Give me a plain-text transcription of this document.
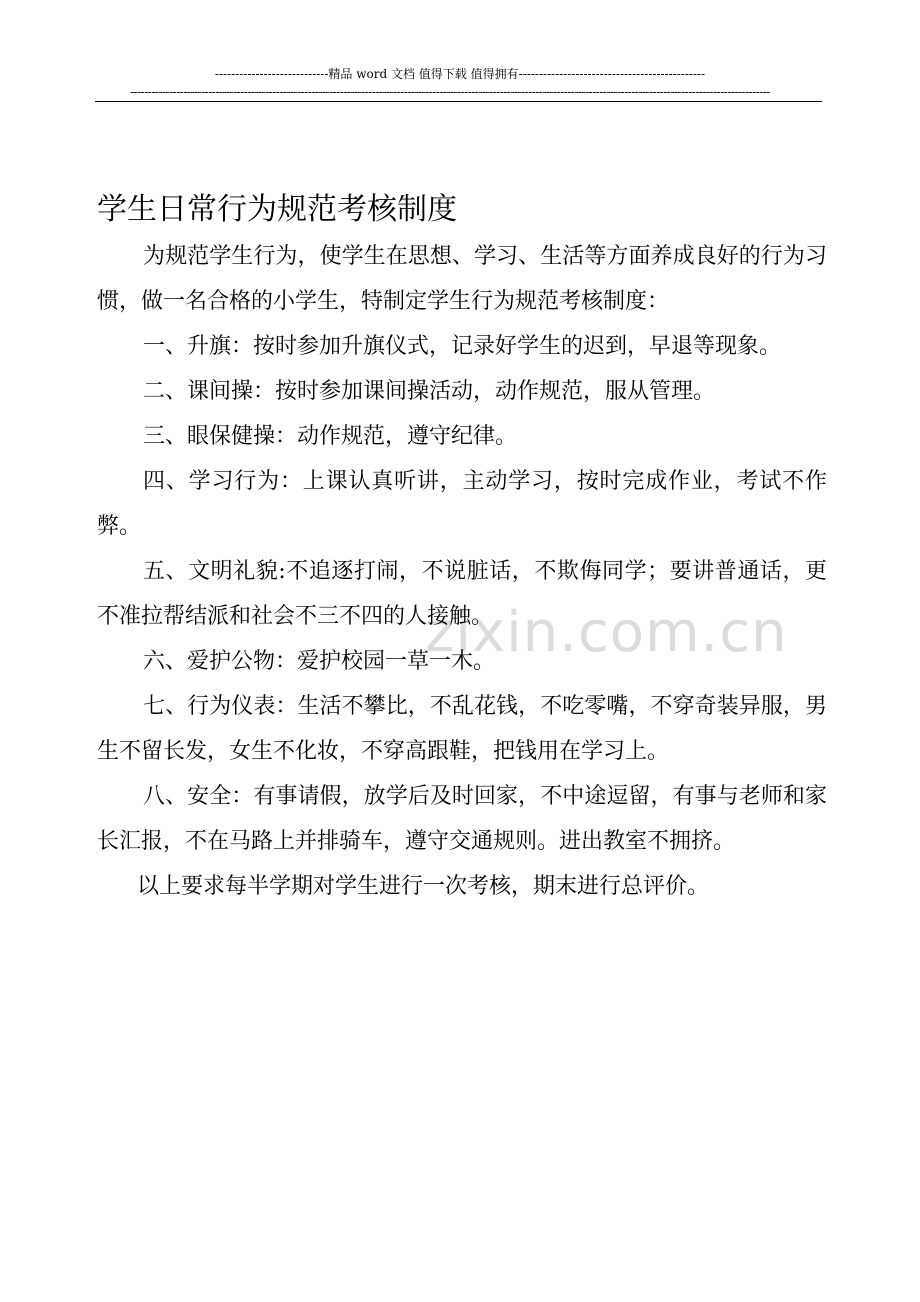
----------------------------精品 word 文档 值得下载 值得拥有----------------------------------------------
------------------------------------------------------------------------------------------------------------------------------------------------------------------------------------
zixin.com.cn
学生日常行为规范考核制度

为规范学生行为，使学生在思想、学习、生活等方面养成良好的行为习惯，做一名合格的小学生，特制定学生行为规范考核制度：

一、升旗：按时参加升旗仪式，记录好学生的迟到，早退等现象。

二、课间操：按时参加课间操活动，动作规范，服从管理。

三、眼保健操：动作规范，遵守纪律。

四、学习行为：上课认真听讲，主动学习，按时完成作业，考试不作弊。

五、文明礼貌:不追逐打闹，不说脏话，不欺侮同学；要讲普通话，更不准拉帮结派和社会不三不四的人接触。

六、爱护公物：爱护校园一草一木。

七、行为仪表：生活不攀比，不乱花钱，不吃零嘴，不穿奇装异服，男生不留长发，女生不化妆，不穿高跟鞋，把钱用在学习上。

八、安全：有事请假，放学后及时回家，不中途逗留，有事与老师和家长汇报，不在马路上并排骑车，遵守交通规则。进出教室不拥挤。

以上要求每半学期对学生进行一次考核，期末进行总评价。
